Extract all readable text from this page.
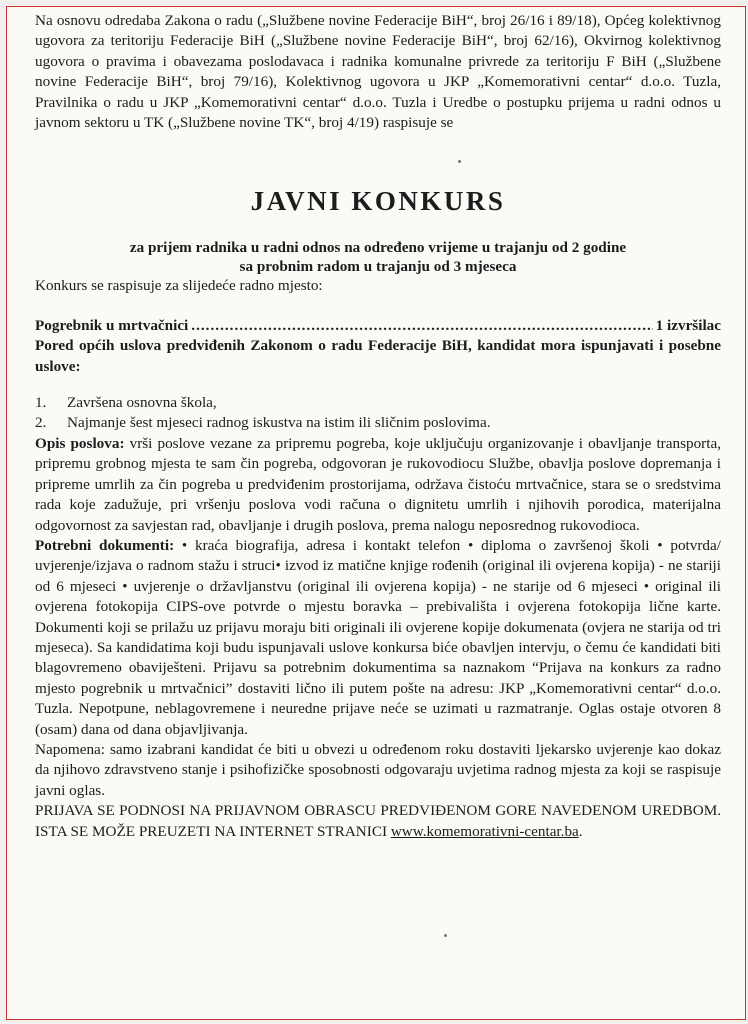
Na osnovu odredaba Zakona o radu („Službene novine Federacije BiH“, broj 26/16 i 89/18), Općeg kolektivnog ugovora za teritoriju Federacije BiH („Službene novine Federacije BiH“, broj 62/16), Okvirnog kolektivnog ugovora o pravima i obavezama poslodavaca i radnika komunalne privrede za teritoriju F BiH („Službene novine Federacije BiH“, broj 79/16), Kolektivnog ugovora u JKP „Komemorativni centar“ d.o.o. Tuzla, Pravilnika o radu u JKP „Komemorativni centar“ d.o.o. Tuzla i Uredbe o postupku prijema u radni odnos u javnom sektoru u TK („Službene novine TK“, broj 4/19) raspisuje se

JAVNI KONKURS
za prijem radnika u radni odnos na određeno vrijeme u trajanju od 2 godine
sa probnim radom u trajanju od 3 mjeseca

Konkurs se raspisuje za slijedeće radno mjesto:

Pogrebnik u mrtvačnici
.....	1 izvršilac

Pored općih uslova predviđenih Zakonom o radu Federacije BiH, kandidat mora ispunjavati i posebne uslove:

1.	Završena osnovna škola,
2.	Najmanje šest mjeseci radnog iskustva na istim ili sličnim poslovima.

Opis poslova: vrši poslove vezane za pripremu pogreba, koje uključuju organizovanje i obavljanje transporta, pripremu grobnog mjesta te sam čin pogreba, odgovoran je rukovodiocu Službe, obavlja poslove dopremanja i pripreme umrlih za čin pogreba u predviđenim prostorijama, održava čistoću mrtvačnice, stara se o sredstvima rada koje zadužuje, pri vršenju poslova vodi računa o dignitetu umrlih i njihovih porodica, materijalna odgovornost za savjestan rad, obavljanje i drugih poslova, prema nalogu neposrednog rukovodioca.

Potrebni dokumenti: • kraća biografija, adresa i kontakt telefon • diploma o završenoj školi • potvrda/ uvjerenje/izjava o radnom stažu i struci• izvod iz matične knjige rođenih (original ili ovjerena kopija) - ne stariji od 6 mjeseci • uvjerenje o državljanstvu (original ili ovjerena kopija) - ne starije od 6 mjeseci • original ili ovjerena fotokopija CIPS-ove potvrde o mjestu boravka – prebivališta i ovjerena fotokopija lične karte. Dokumenti koji se prilažu uz prijavu moraju biti originali ili ovjerene kopije dokumenata (ovjera ne starija od tri mjeseca). Sa kandidatima koji budu ispunjavali uslove konkursa biće obavljen intervju, o čemu će kandidati biti blagovremeno obaviješteni. Prijavu sa potrebnim dokumentima sa naznakom “Prijava na konkurs za radno mjesto pogrebnik u mrtvačnici” dostaviti lično ili putem pošte na adresu: JKP „Komemorativni centar“ d.o.o. Tuzla. Nepotpune, neblagovremene i neuredne prijave neće se uzimati u razmatranje. Oglas ostaje otvoren 8 (osam) dana od dana objavljivanja.

Napomena: samo izabrani kandidat će biti u obvezi u određenom roku dostaviti ljekarsko uvjerenje kao dokaz da njihovo zdravstveno stanje i psihofizičke sposobnosti odgovaraju uvjetima radnog mjesta za koji se raspisuje javni oglas.

PRIJAVA SE PODNOSI NA PRIJAVNOM OBRASCU PREDVIĐENOM GORE NAVEDENOM UREDBOM. ISTA SE MOŽE PREUZETI NA INTERNET STRANICI www.komemorativni-centar.ba.
